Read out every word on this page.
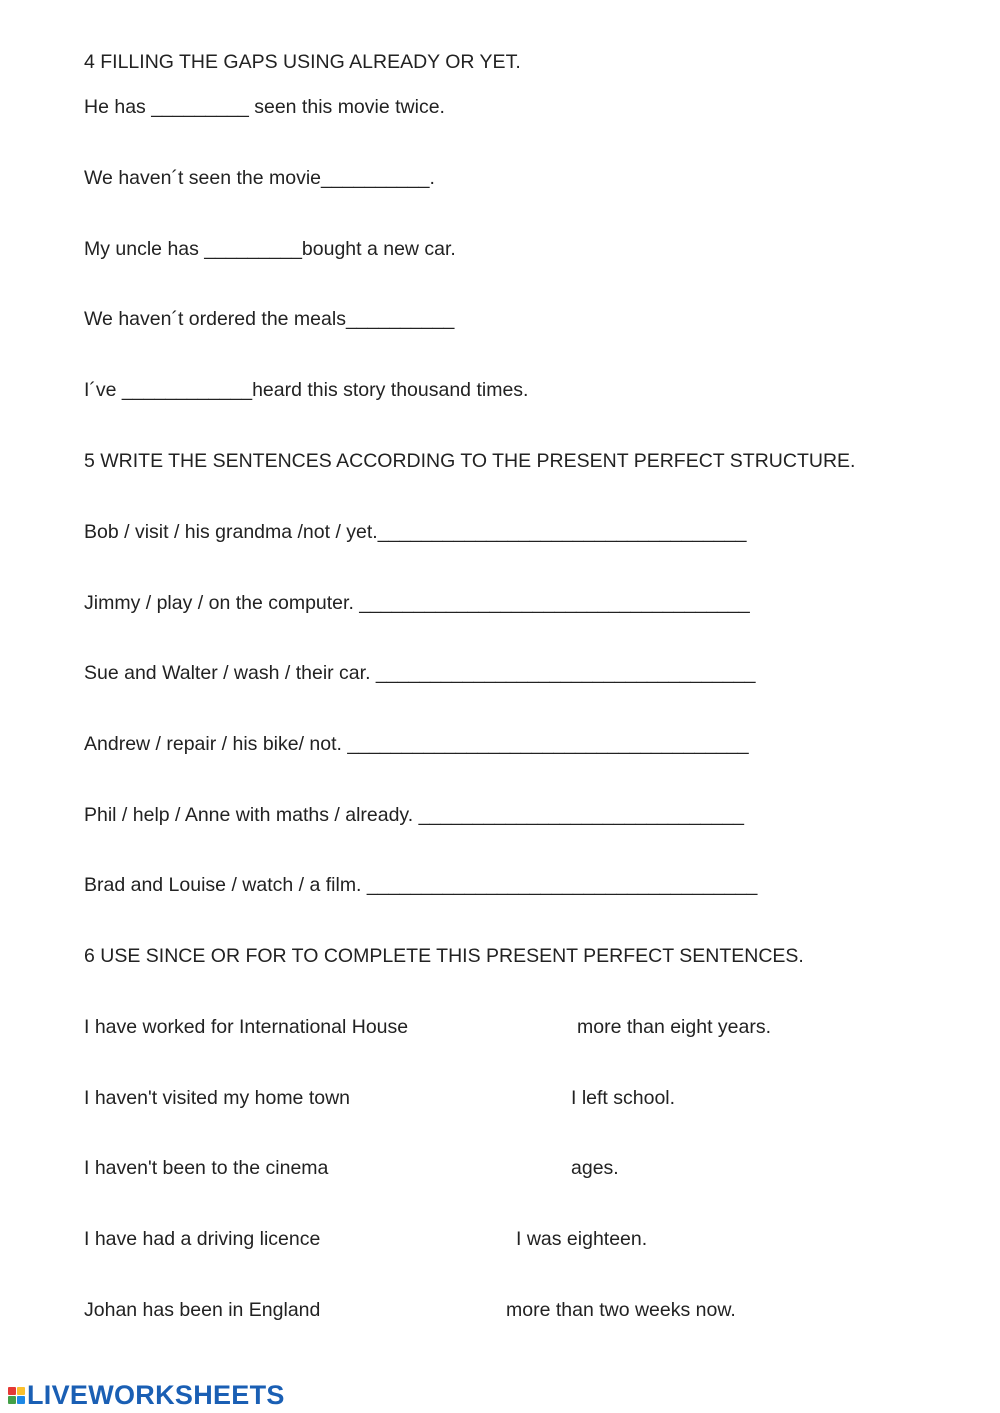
4 FILLING THE GAPS USING ALREADY OR YET.
He has _________ seen this movie twice.
We haven´t seen the movie__________.
My uncle has _________bought a new car.
We haven´t ordered the meals__________
I´ve ____________heard this story thousand times.
5 WRITE THE SENTENCES ACCORDING TO THE PRESENT PERFECT STRUCTURE.
Bob / visit / his grandma /not / yet.__________________________________
Jimmy / play / on the computer. ____________________________________
Sue and Walter / wash / their car. ___________________________________
Andrew / repair / his bike/ not. _____________________________________
Phil / help / Anne with maths / already. ______________________________
Brad and Louise / watch / a film. ____________________________________
6 USE SINCE OR FOR TO COMPLETE THIS PRESENT PERFECT SENTENCES.
I have worked for International House	more than eight years.
I haven't visited my home town	I left school.
I haven't been to the cinema	ages.
I have had a driving licence	I was eighteen.
Johan has been in England	more than two weeks now.
LIVEWORKSHEETS
